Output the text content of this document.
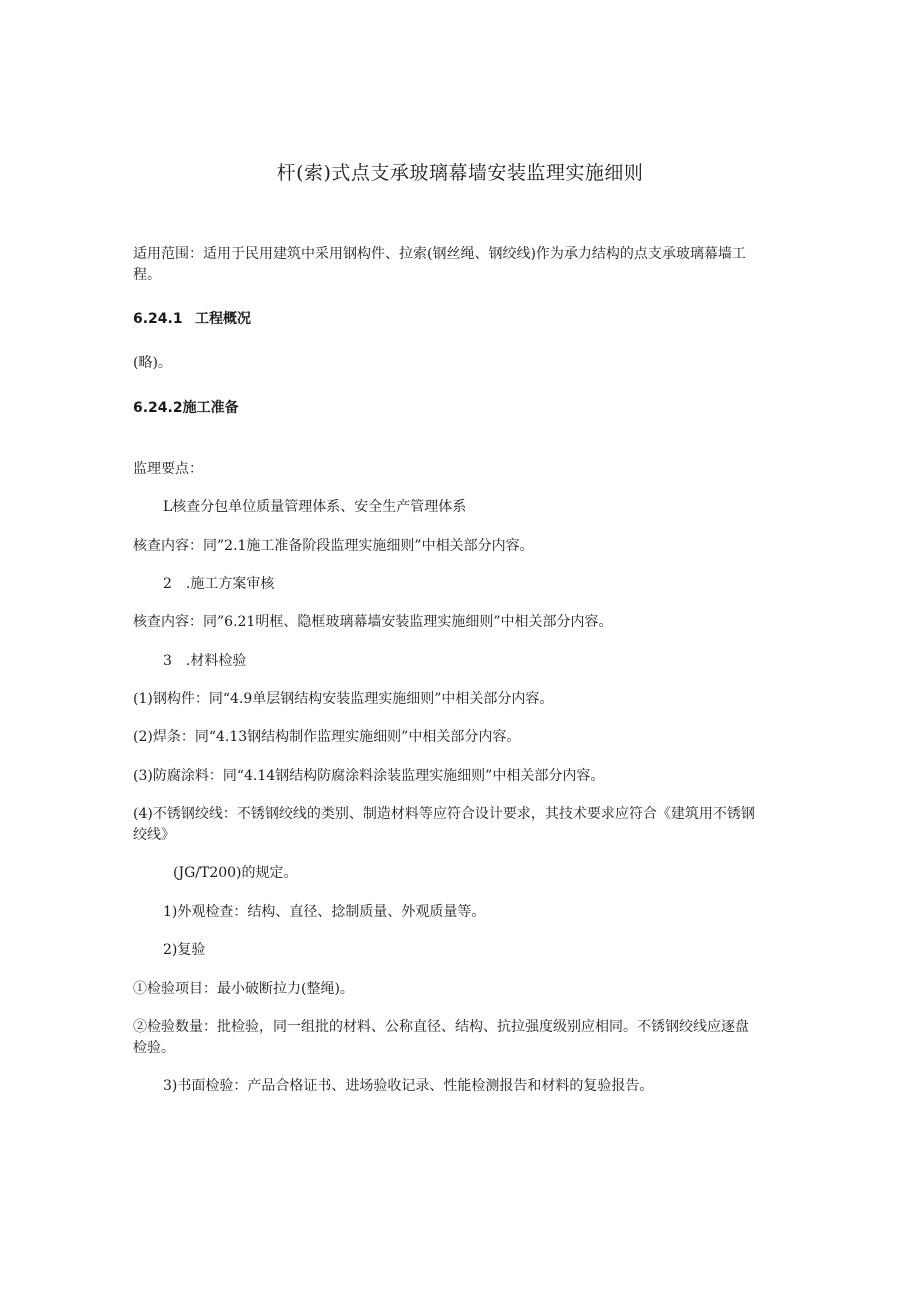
杆(索)式点支承玻璃幕墙安装监理实施细则
适用范围：适用于民用建筑中采用钢构件、拉索(钢丝绳、钢绞线)作为承力结构的点支承玻璃幕墙工
程。
6.24.1 工程概况
(略)。
6.24.2施工准备
监理要点：
L核查分包单位质量管理体系、安全生产管理体系
核查内容：同”2.1施工准备阶段监理实施细则”中相关部分内容。
2　.施工方案审核
核查内容：同”6.21明框、隐框玻璃幕墙安装监理实施细则”中相关部分内容。
3　.材料检验
(1)钢构件：同“4.9单层钢结构安装监理实施细则”中相关部分内容。
(2)焊条：同“4.13钢结构制作监理实施细则”中相关部分内容。
(3)防腐涂料：同“4.14钢结构防腐涂料涂装监理实施细则”中相关部分内容。
(4)不锈钢绞线：不锈钢绞线的类别、制造材料等应符合设计要求，其技术要求应符合《建筑用不锈钢
绞线》
(JG/T200)的规定。
1)外观检查：结构、直径、捻制质量、外观质量等。
2)复验
①检验项目：最小破断拉力(整绳)。
②检验数量：批检验，同一组批的材料、公称直径、结构、抗拉强度级别应相同。不锈钢绞线应逐盘
检验。
3)书面检验：产品合格证书、进场验收记录、性能检测报告和材料的复验报告。
